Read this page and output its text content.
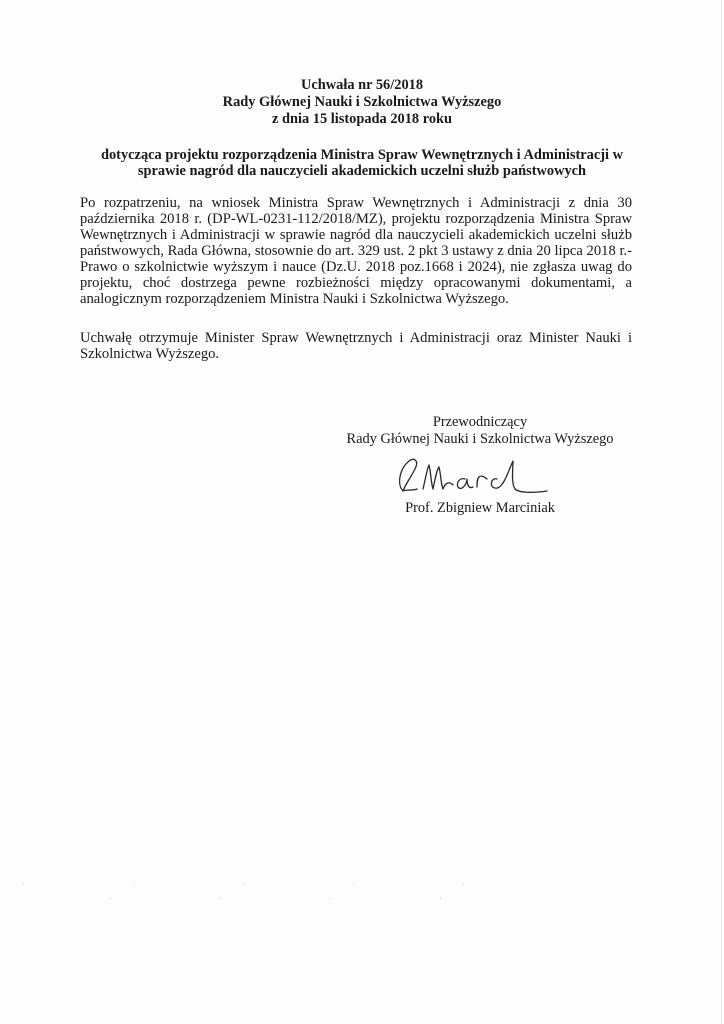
Uchwała nr 56/2018
Rady Głównej Nauki i Szkolnictwa Wyższego
z dnia 15 listopada 2018 roku
dotycząca projektu rozporządzenia Ministra Spraw Wewnętrznych i Administracji w
sprawie nagród dla nauczycieli akademickich uczelni służb państwowych
Po rozpatrzeniu, na wniosek Ministra Spraw Wewnętrznych i Administracji z dnia 30
października 2018 r. (DP-WL-0231-112/2018/MZ), projektu rozporządzenia Ministra Spraw
Wewnętrznych i Administracji w sprawie nagród dla nauczycieli akademickich uczelni służb
państwowych, Rada Główna, stosownie do art. 329 ust. 2 pkt 3 ustawy z dnia 20 lipca 2018 r.-
Prawo o szkolnictwie wyższym i nauce (Dz.U. 2018 poz.1668 i 2024), nie zgłasza uwag do
projektu, choć dostrzega pewne rozbieżności między opracowanymi dokumentami, a
analogicznym rozporządzeniem Ministra Nauki i Szkolnictwa Wyższego.
Uchwałę otrzymuje Minister Spraw Wewnętrznych i Administracji oraz Minister Nauki i
Szkolnictwa Wyższego.
Przewodniczący
Rady Głównej Nauki i Szkolnictwa Wyższego
Prof. Zbigniew Marciniak
